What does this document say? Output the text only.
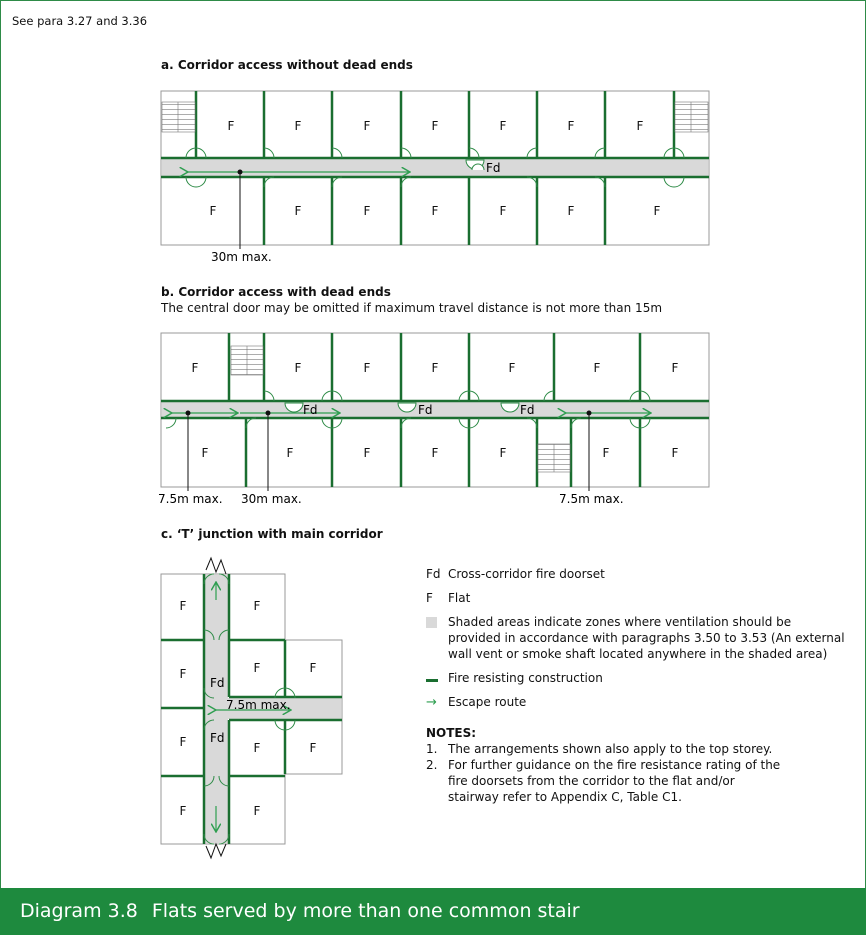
See para 3.27 and 3.36
a. Corridor access without dead ends
F	F	F	F	F	F	F
F	F	F	F	F	F	F
Fd
30m max.
F	F	F	F	F	F	F
F	F	F	F	F	F	F
Fd	Fd	Fd
7.5m max. 30m max.	7.5m max.
F	F
F	F	F
F	F	F
F	F
Fd
Fd
7.5m max.
b. Corridor access with dead ends
The central door may be omitted if maximum travel distance is not more than 15m
c. ‘T’ junction with main corridor
Fd Cross-corridor fire doorset
F	Flat
Shaded areas indicate zones where ventilation should be provided in accordance with paragraphs 3.50 to 3.53 (An external wall vent or smoke shaft located anywhere in the shaded area)
Fire resisting construction
→ Escape route
NOTES:
1. The arrangements shown also apply to the top storey.
2. For further guidance on the fire resistance rating of the fire doorsets from the corridor to the flat and/or stairway refer to Appendix C, Table C1.
Diagram 3.8 Flats served by more than one common stair
